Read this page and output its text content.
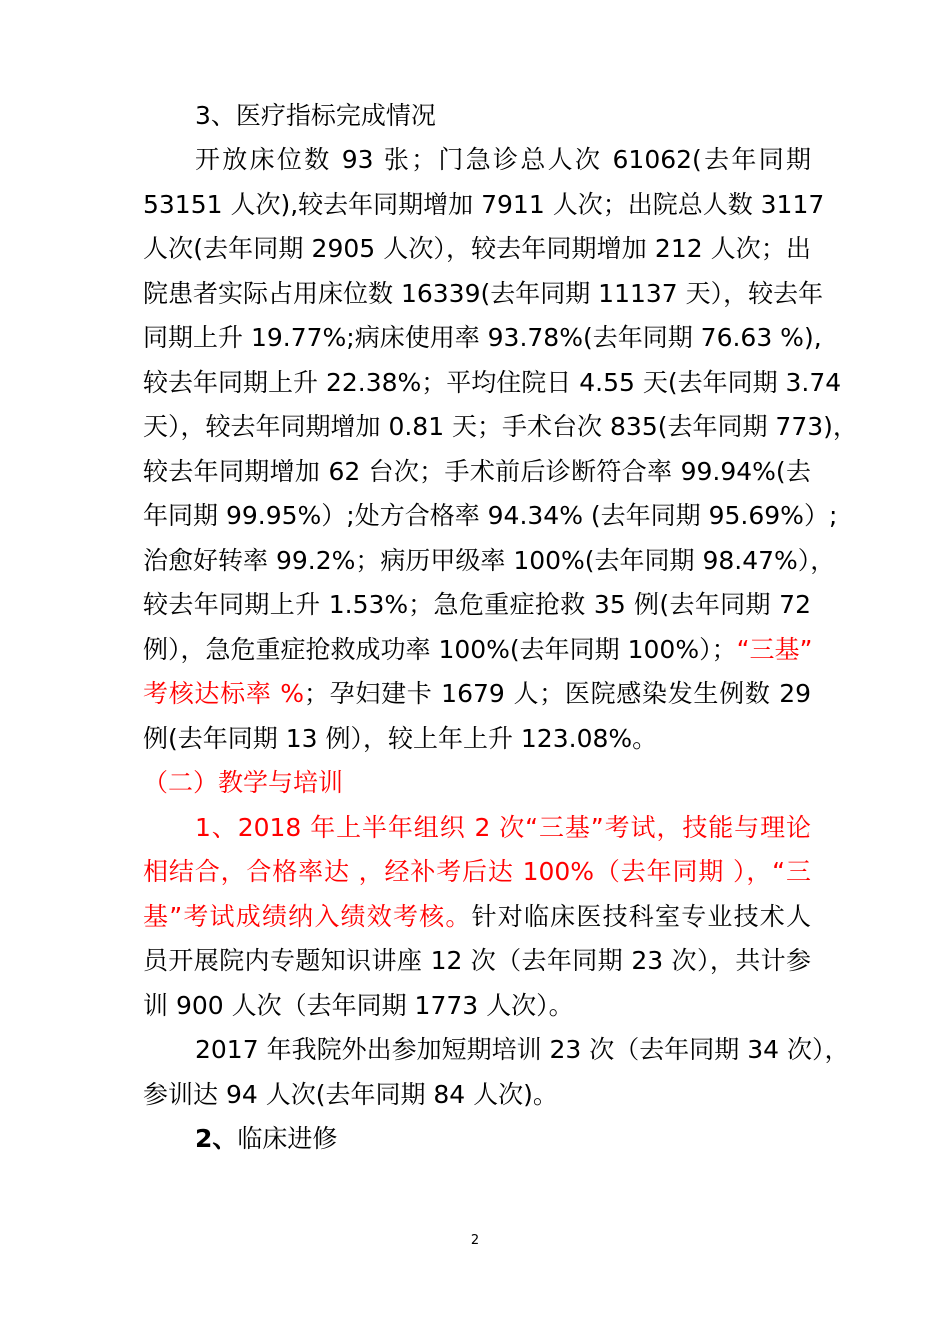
3、医疗指标完成情况
开放床位数 93 张；门急诊总人次 61062(去年同期
53151 人次),较去年同期增加 7911 人次；出院总人数 3117
人次(去年同期 2905 人次），较去年同期增加 212 人次；出
院患者实际占用床位数 16339(去年同期 11137 天），较去年
同期上升 19.77%;病床使用率 93.78%(去年同期 76.63 %),
较去年同期上升 22.38%；平均住院日 4.55 天(去年同期 3.74
天），较去年同期增加 0.81 天；手术台次 835(去年同期 773)，
较去年同期增加 62 台次；手术前后诊断符合率 99.94%(去
年同期 99.95%）;处方合格率 94.34% (去年同期 95.69%）;
治愈好转率 99.2%；病历甲级率 100%(去年同期 98.47%），
较去年同期上升 1.53%；急危重症抢救 35 例(去年同期 72
例），急危重症抢救成功率 100%(去年同期 100%）；“三基”
考核达标率 %；孕妇建卡 1679 人；医院感染发生例数 29
例(去年同期 13 例），较上年上升 123.08%。
（二）教学与培训
1、2018 年上半年组织 2 次“三基”考试，技能与理论
相结合，合格率达 ，经补考后达 100%（去年同期 ），“三
基”考试成绩纳入绩效考核。针对临床医技科室专业技术人
员开展院内专题知识讲座 12 次（去年同期 23 次），共计参
训 900 人次（去年同期 1773 人次）。
2017 年我院外出参加短期培训 23 次（去年同期 34 次），
参训达 94 人次(去年同期 84 人次)。
2、临床进修
2
